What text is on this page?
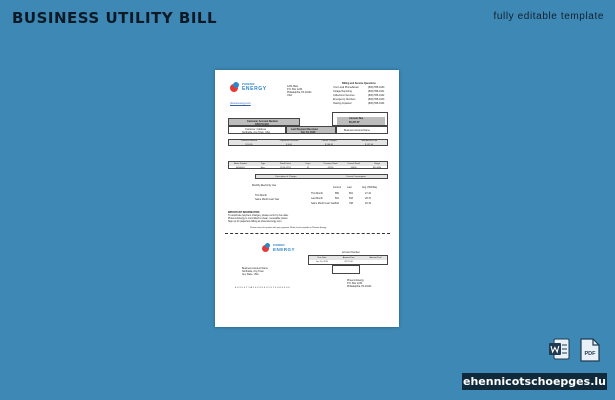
BUSINESS UTILITY BILL	fully editable template
PHOENIX
ENERGY	1234 Main
P.O. Box 1234
Philadelphia, PA 19101
USA
phoenixenergy.com
Billing and Service Questions
Your Local Phone/Email	(800) 555-0100
Outage Reporting	(800) 555-0101
Collections Services	(800) 555-0102
Emergency Numbers	(800) 555-0103
Hearing Impaired	(800) 555-0104
Amount Due
$5,237.87
Customer Account Number
020471A102
Customer / Address
Northside, Any Town, USA
Last Payment Received
Dec 04, 2020	Business Account Name
Previous Balance	Payments Received	Current Charges	Total Amount Due
$ 52.63	$ 0.00	$ 104.81	$ 157.44
Meter Number	Type	Read Dates	Days	Previous Read	Current Read	Usage
00000001	Elec.	11/20-12/21	31	42156	43006	850 kWh
Description of Charges	Current Consumption
Monthly Electricity Use
Current	Last	Avg. kWh/Day
This Month	850	861	27.42
Last Month	861	843	28.70
Same Month Last Year 812	798	26.19
This Month
Same Month Last Year
IMPORTANT INFORMATION
To avoid late payment charges, please remit by due date.
Phoenix Energy is committed to clean, renewable power.
Sign up for paperless billing at phoenixenergy.com.
Please return this portion with your payment. Make checks payable to Phoenix Energy.
PHOENIX
ENERGY
Account Number
Due Date	Amount Due	Amount Paid
Jan 10, 2021	$ 157.44
Business Account Name
Northside, Any Town
Any State, USA
Phoenix Energy
P.O. Box 1234
Philadelphia, PA 19101
8 0 2 0 4 7 1 A 1 0 2 0 0 0 0 1 5 7 4 4 0 0 0 0 0
PDF
ehennicotschoepges.lu
